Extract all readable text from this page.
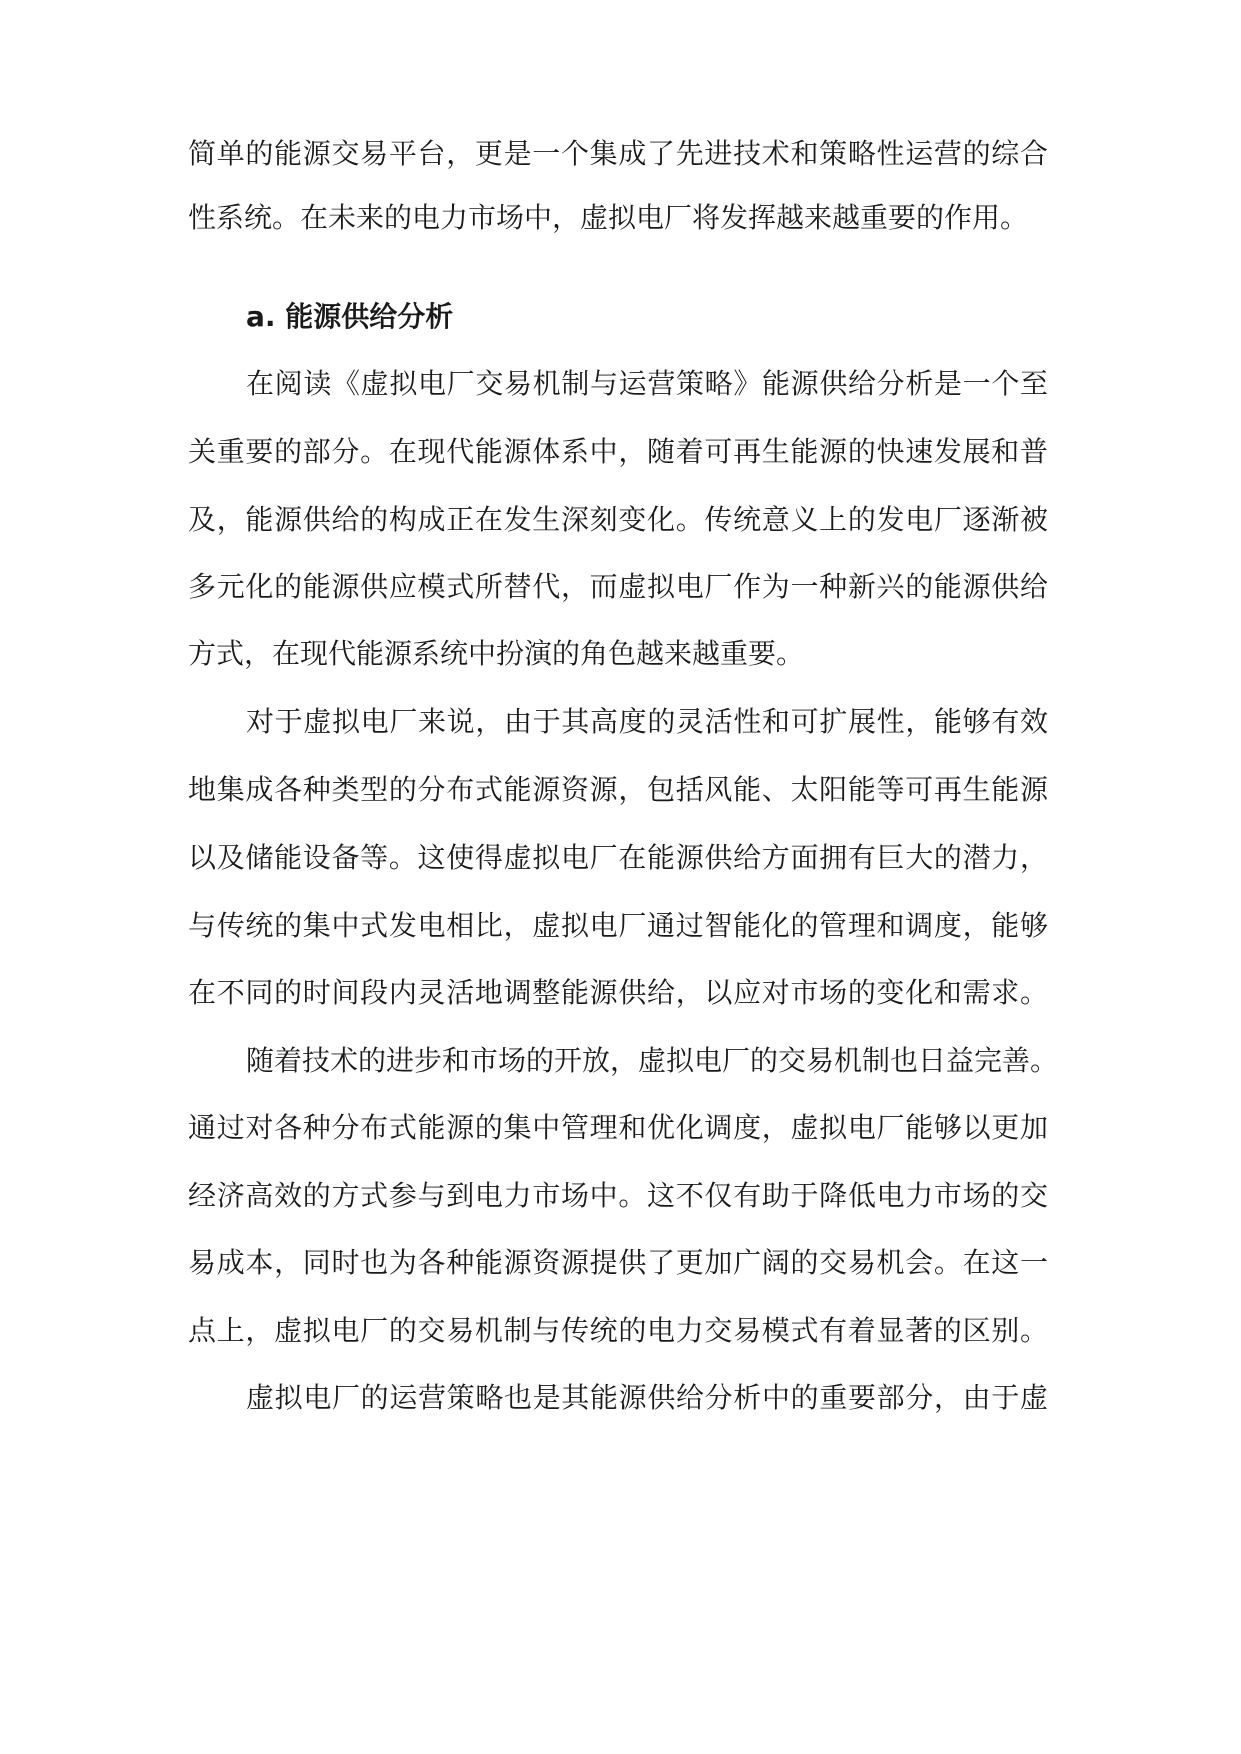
简单的能源交易平台，更是一个集成了先进技术和策略性运营的综合
性系统。在未来的电力市场中，虚拟电厂将发挥越来越重要的作用。
a. 能源供给分析
在阅读《虚拟电厂交易机制与运营策略》能源供给分析是一个至
关重要的部分。在现代能源体系中，随着可再生能源的快速发展和普
及，能源供给的构成正在发生深刻变化。传统意义上的发电厂逐渐被
多元化的能源供应模式所替代，而虚拟电厂作为一种新兴的能源供给
方式，在现代能源系统中扮演的角色越来越重要。
对于虚拟电厂来说，由于其高度的灵活性和可扩展性，能够有效
地集成各种类型的分布式能源资源，包括风能、太阳能等可再生能源
以及储能设备等。这使得虚拟电厂在能源供给方面拥有巨大的潜力，
与传统的集中式发电相比，虚拟电厂通过智能化的管理和调度，能够
在不同的时间段内灵活地调整能源供给，以应对市场的变化和需求。
随着技术的进步和市场的开放，虚拟电厂的交易机制也日益完善。
通过对各种分布式能源的集中管理和优化调度，虚拟电厂能够以更加
经济高效的方式参与到电力市场中。这不仅有助于降低电力市场的交
易成本，同时也为各种能源资源提供了更加广阔的交易机会。在这一
点上，虚拟电厂的交易机制与传统的电力交易模式有着显著的区别。
虚拟电厂的运营策略也是其能源供给分析中的重要部分，由于虚
